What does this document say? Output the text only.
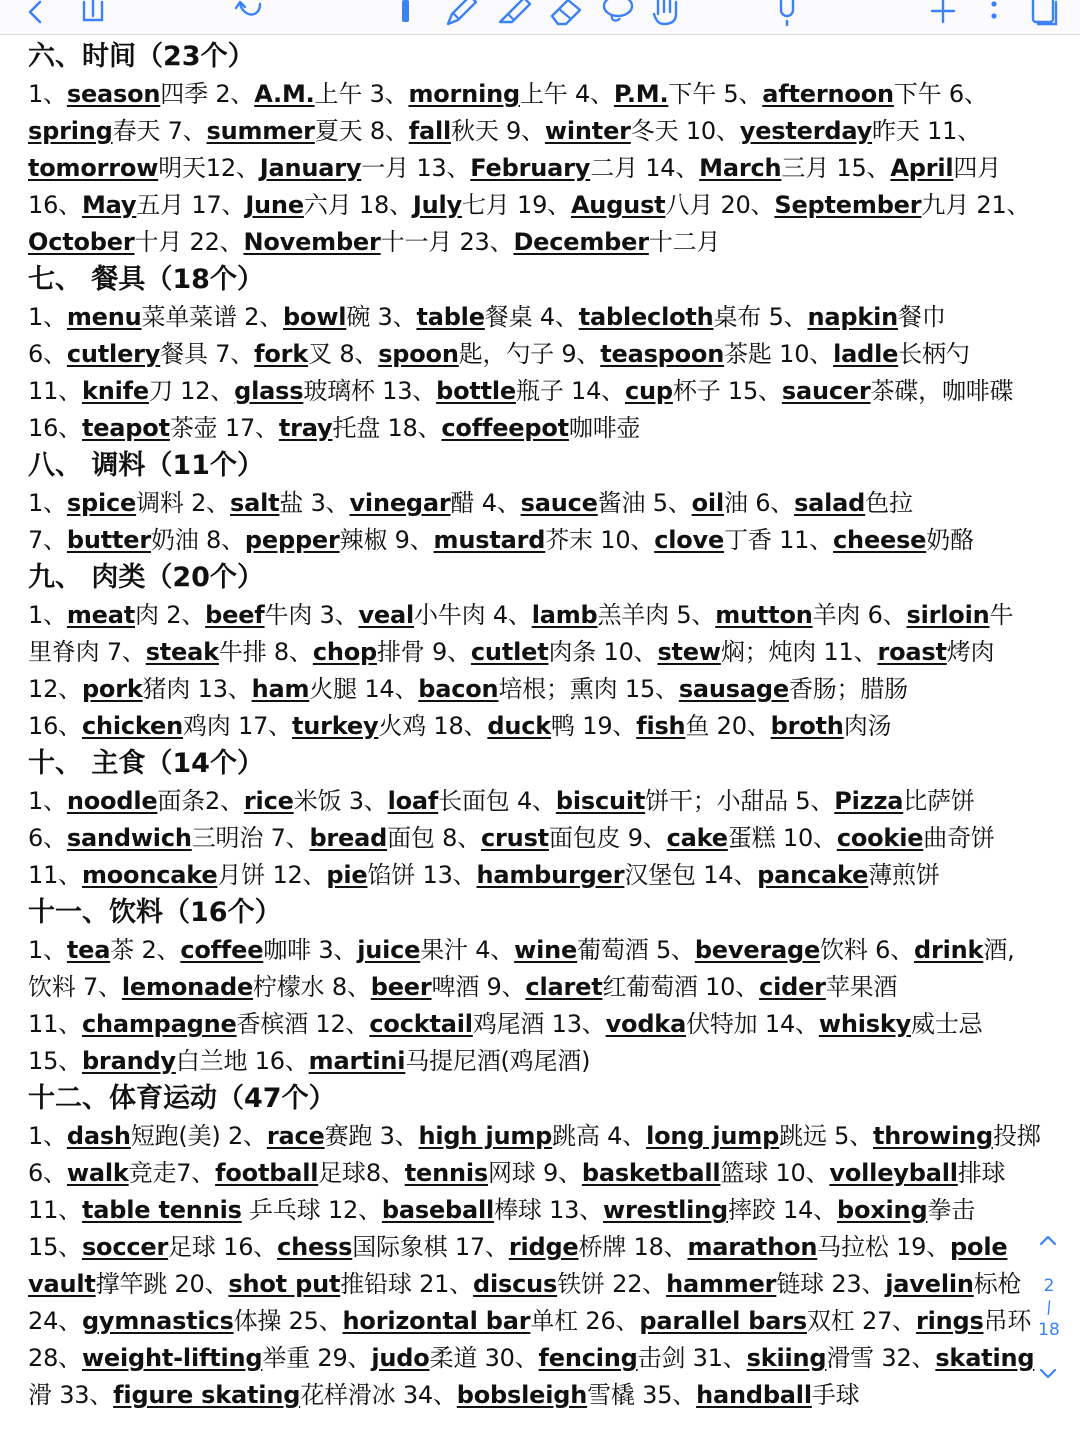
六、时间（23个）
1、season四季 2、A.M.上午 3、morning上午 4、P.M.下午 5、afternoon下午 6、
spring春天 7、summer夏天 8、fall秋天 9、winter冬天 10、yesterday昨天 11、
tomorrow明天12、January一月 13、February二月 14、March三月 15、April四月
16、May五月 17、June六月 18、July七月 19、August八月 20、September九月 21、
October十月 22、November十一月 23、December十二月
七、 餐具（18个）
1、menu菜单菜谱 2、bowl碗 3、table餐桌 4、tablecloth桌布 5、napkin餐巾
6、cutlery餐具 7、fork叉 8、spoon匙，勺子 9、teaspoon茶匙 10、ladle长柄勺
11、knife刀 12、glass玻璃杯 13、bottle瓶子 14、cup杯子 15、saucer茶碟，咖啡碟
16、teapot茶壶 17、tray托盘 18、coffeepot咖啡壶
八、 调料（11个）
1、spice调料 2、salt盐 3、vinegar醋 4、sauce酱油 5、oil油 6、salad色拉
7、butter奶油 8、pepper辣椒 9、mustard芥末 10、clove丁香 11、cheese奶酪
九、 肉类（20个）
1、meat肉 2、beef牛肉 3、veal小牛肉 4、lamb羔羊肉 5、mutton羊肉 6、sirloin牛
里脊肉 7、steak牛排 8、chop排骨 9、cutlet肉条 10、stew焖；炖肉 11、roast烤肉
12、pork猪肉 13、ham火腿 14、bacon培根；熏肉 15、sausage香肠；腊肠
16、chicken鸡肉 17、turkey火鸡 18、duck鸭 19、fish鱼 20、broth肉汤
十、 主食（14个）
1、noodle面条2、rice米饭 3、loaf长面包 4、biscuit饼干；小甜品 5、Pizza比萨饼
6、sandwich三明治 7、bread面包 8、crust面包皮 9、cake蛋糕 10、cookie曲奇饼
11、mooncake月饼 12、pie馅饼 13、hamburger汉堡包 14、pancake薄煎饼
十一、饮料（16个）
1、tea茶 2、coffee咖啡 3、juice果汁 4、wine葡萄酒 5、beverage饮料 6、drink酒,
饮料 7、lemonade柠檬水 8、beer啤酒 9、claret红葡萄酒 10、cider苹果酒
11、champagne香槟酒 12、cocktail鸡尾酒 13、vodka伏特加 14、whisky威士忌
15、brandy白兰地 16、martini马提尼酒(鸡尾酒)
十二、体育运动（47个）
1、dash短跑(美) 2、race赛跑 3、high jump跳高 4、long jump跳远 5、throwing投掷
6、walk竞走7、football足球8、tennis网球 9、basketball篮球 10、volleyball排球
11、table tennis 乒乓球 12、baseball棒球 13、wrestling摔跤 14、boxing拳击
15、soccer足球 16、chess国际象棋 17、ridge桥牌 18、marathon马拉松 19、pole
vault撑竿跳 20、shot put推铅球 21、discus铁饼 22、hammer链球 23、javelin标枪
24、gymnastics体操 25、horizontal bar单杠 26、parallel bars双杠 27、rings吊环
28、weight-lifting举重 29、judo柔道 30、fencing击剑 31、skiing滑雪 32、skating
滑 33、figure skating花样滑冰 34、bobsleigh雪橇 35、handball手球
2
/
18
